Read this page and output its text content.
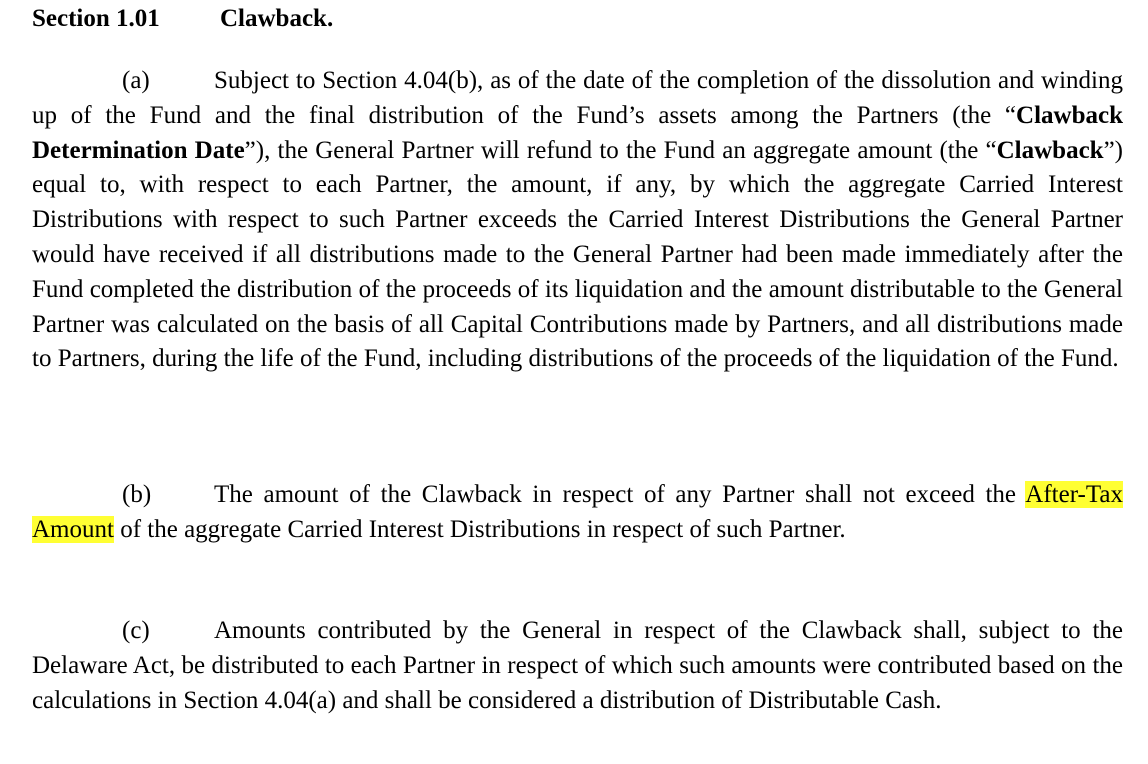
Section 1.01 Clawback.
(a)	Subject to Section 4.04(b), as of the date of the completion of the dissolution and winding up of the Fund and the final distribution of the Fund’s assets among the Partners (the “Clawback Determination Date”), the General Partner will refund to the Fund an aggregate amount (the “Clawback”) equal to, with respect to each Partner, the amount, if any, by which the aggregate Carried Interest Distributions with respect to such Partner exceeds the Carried Interest Distributions the General Partner would have received if all distributions made to the General Partner had been made immediately after the Fund completed the distribution of the proceeds of its liquidation and the amount distributable to the General Partner was calculated on the basis of all Capital Contributions made by Partners, and all distributions made to Partners, during the life of the Fund, including distributions of the proceeds of the liquidation of the Fund.
(b)	The amount of the Clawback in respect of any Partner shall not exceed the After-Tax Amount of the aggregate Carried Interest Distributions in respect of such Partner.
(c)	Amounts contributed by the General in respect of the Clawback shall, subject to the Delaware Act, be distributed to each Partner in respect of which such amounts were contributed based on the calculations in Section 4.04(a) and shall be considered a distribution of Distributable Cash.
